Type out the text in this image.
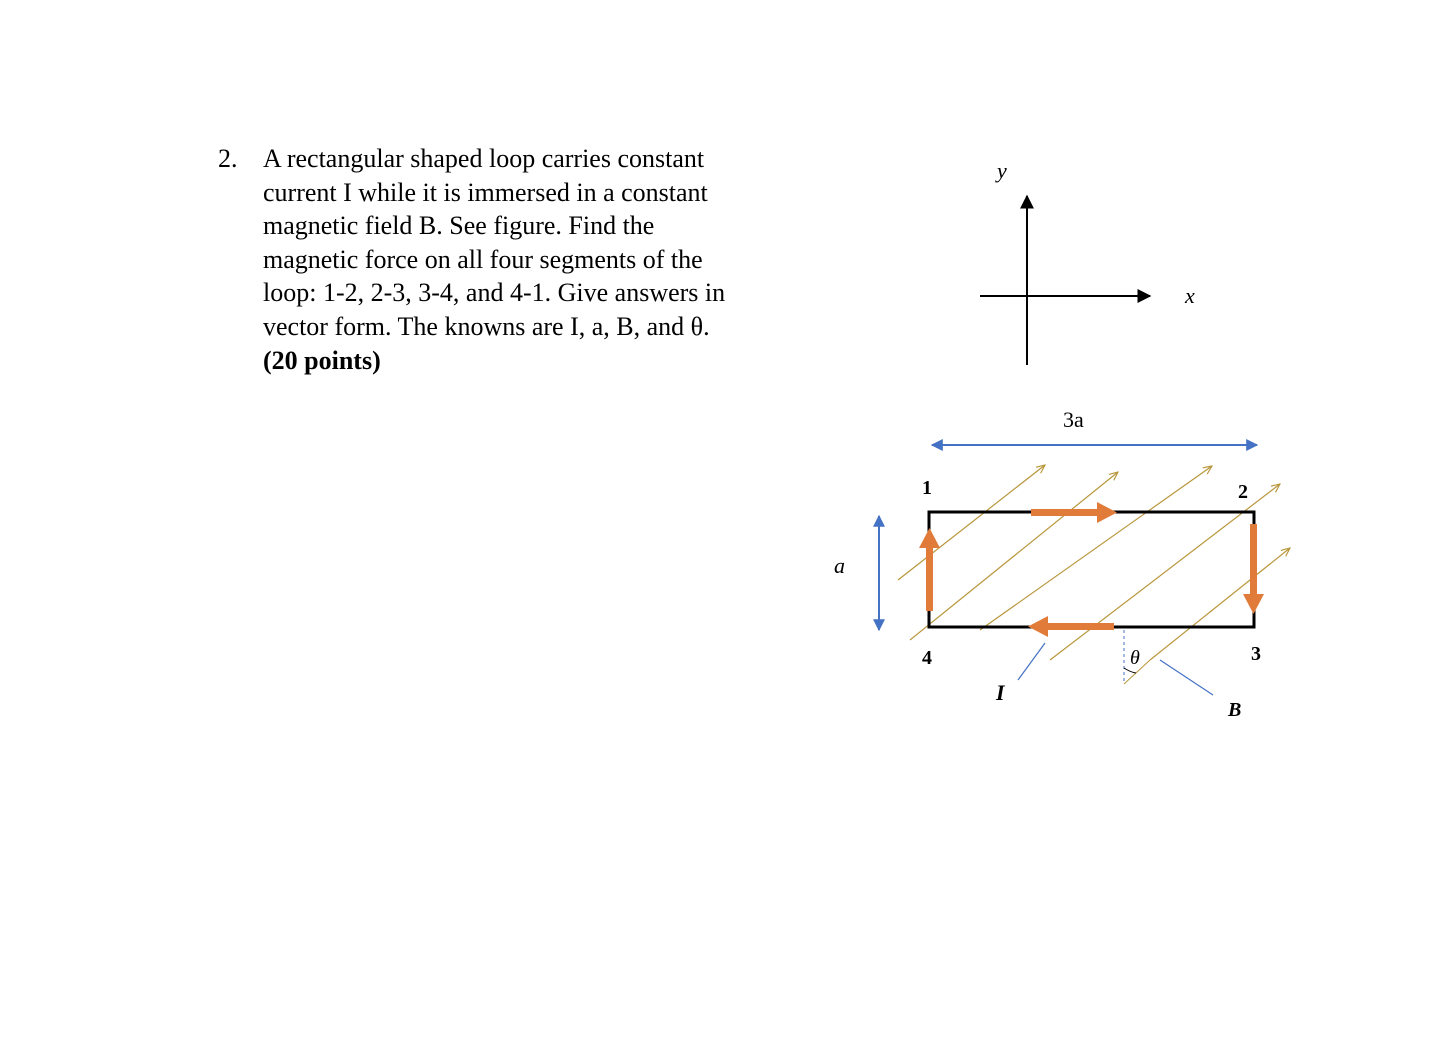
2. A rectangular shaped loop carries constant
current I while it is immersed in a constant
magnetic field B. See figure. Find the
magnetic force on all four segments of the
loop: 1-2, 2-3, 3-4, and 4-1. Give answers in
vector form. The knowns are I, a, B, and θ.
(20 points)
y
x
3a
a
1	2
3
4
I
θ
B
